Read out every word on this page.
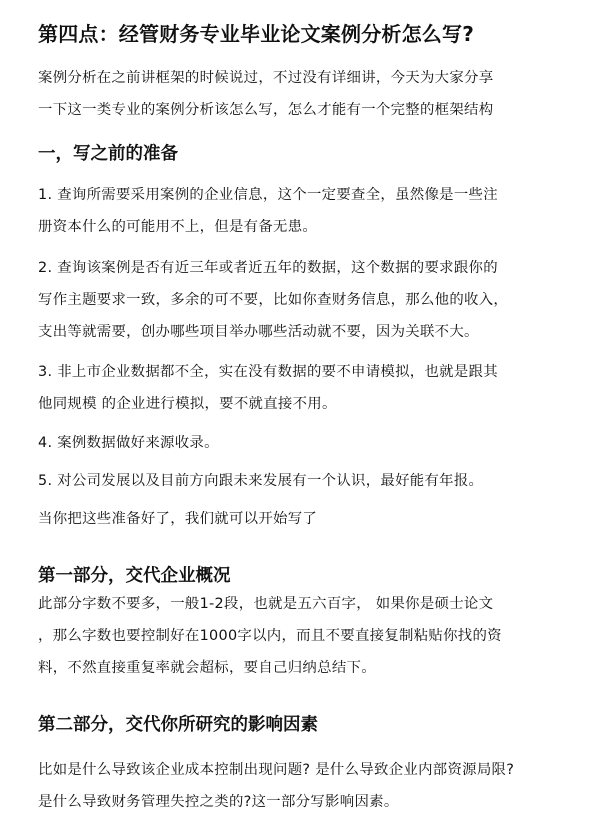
第四点：经管财务专业毕业论文案例分析怎么写?

案例分析在之前讲框架的时候说过，不过没有详细讲，今天为大家分享
一下这一类专业的案例分析该怎么写，怎么才能有一个完整的框架结构

一，写之前的准备

1. 查询所需要采用案例的企业信息，这个一定要查全，虽然像是一些注
册资本什么的可能用不上，但是有备无患。

2. 查询该案例是否有近三年或者近五年的数据，这个数据的要求跟你的
写作主题要求一致，多余的可不要，比如你查财务信息，那么他的收入，
支出等就需要，创办哪些项目举办哪些活动就不要，因为关联不大。

3. 非上市企业数据都不全，实在没有数据的要不申请模拟，也就是跟其
他同规模 的企业进行模拟，要不就直接不用。

4. 案例数据做好来源收录。

5. 对公司发展以及目前方向跟未来发展有一个认识，最好能有年报。

当你把这些准备好了，我们就可以开始写了

第一部分，交代企业概况

此部分字数不要多，一般1-2段，也就是五六百字， 如果你是硕士论文
，那么字数也要控制好在1000字以内，而且不要直接复制粘贴你找的资
料，不然直接重复率就会超标，要自己归纳总结下。

第二部分，交代你所研究的影响因素

比如是什么导致该企业成本控制出现问题? 是什么导致企业内部资源局限?
是什么导致财务管理失控之类的?这一部分写影响因素。
